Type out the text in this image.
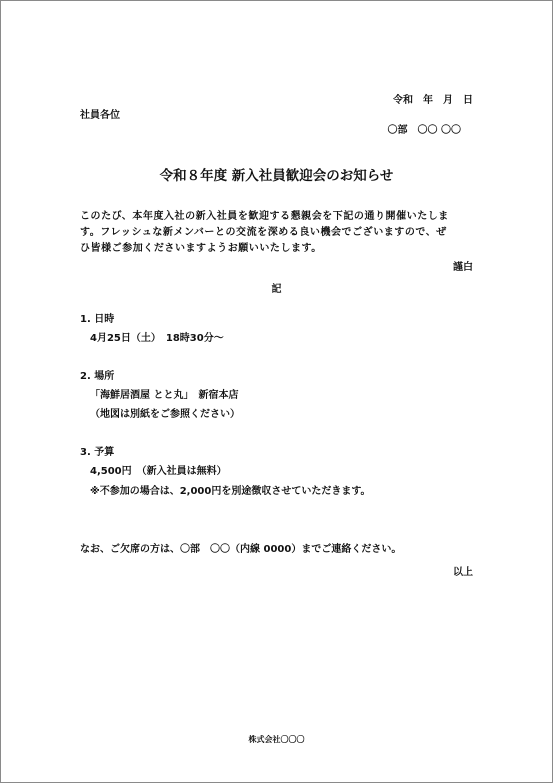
令和　年　月　日
社員各位
〇部　〇〇 〇〇
令和８年度 新入社員歓迎会のお知らせ
このたび、本年度入社の新入社員を歓迎する懇親会を下記の通り開催いたしま
す。フレッシュな新メンバーとの交流を深める良い機会でございますので、ぜ
ひ皆様ご参加くださいますようお願いいたします。
謹白
記
1. 日時
4月25日（土）　18時30分～
2. 場所
「海鮮居酒屋 とと丸」　新宿本店
（地図は別紙をご参照ください）
3. 予算
4,500円　（新入社員は無料）
※不参加の場合は、2,000円を別途徴収させていただきます。
なお、ご欠席の方は、〇部　〇〇（内線 0000）までご連絡ください。
以上
株式会社〇〇〇
